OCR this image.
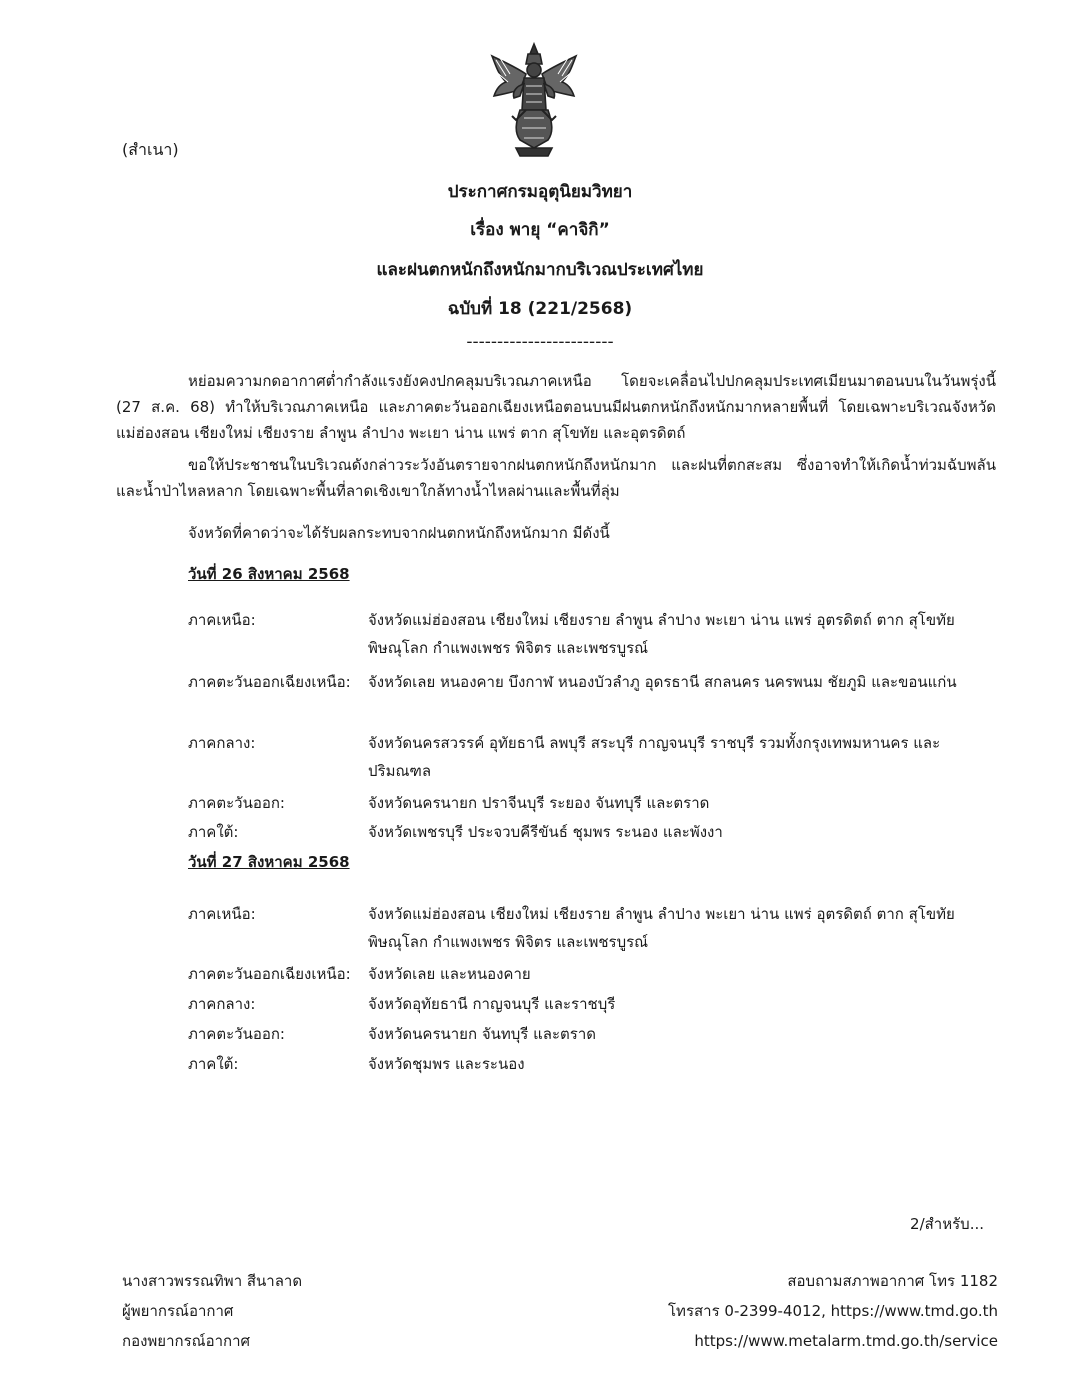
(สำเนา)
ประกาศกรมอุตุนิยมวิทยา
เรื่อง พายุ “คาจิกิ”
และฝนตกหนักถึงหนักมากบริเวณประเทศไทย
ฉบับที่ 18 (221/2568)
------------------------
หย่อมความกดอากาศต่ำกำลังแรงยังคงปกคลุมบริเวณภาคเหนือ โดยจะเคลื่อนไปปกคลุมประเทศเมียนมาตอนบนในวันพรุ่งนี้ (27 ส.ค. 68) ทำให้บริเวณภาคเหนือ และภาคตะวันออกเฉียงเหนือตอนบนมีฝนตกหนักถึงหนักมากหลายพื้นที่ โดยเฉพาะบริเวณจังหวัดแม่ฮ่องสอน เชียงใหม่ เชียงราย ลำพูน ลำปาง พะเยา น่าน แพร่ ตาก สุโขทัย และอุตรดิตถ์
ขอให้ประชาชนในบริเวณดังกล่าวระวังอันตรายจากฝนตกหนักถึงหนักมาก และฝนที่ตกสะสม ซึ่งอาจทำให้เกิดน้ำท่วมฉับพลันและน้ำป่าไหลหลาก โดยเฉพาะพื้นที่ลาดเชิงเขาใกล้ทางน้ำไหลผ่านและพื้นที่ลุ่ม
จังหวัดที่คาดว่าจะได้รับผลกระทบจากฝนตกหนักถึงหนักมาก มีดังนี้
วันที่ 26 สิงหาคม 2568
ภาคเหนือ:	จังหวัดแม่ฮ่องสอน เชียงใหม่ เชียงราย ลำพูน ลำปาง พะเยา น่าน แพร่ อุตรดิตถ์ ตาก สุโขทัย พิษณุโลก กำแพงเพชร พิจิตร และเพชรบูรณ์
ภาคตะวันออกเฉียงเหนือ:	จังหวัดเลย หนองคาย บึงกาฬ หนองบัวลำภู อุดรธานี สกลนคร นครพนม ชัยภูมิ และขอนแก่น
ภาคกลาง:	จังหวัดนครสวรรค์ อุทัยธานี ลพบุรี สระบุรี กาญจนบุรี ราชบุรี รวมทั้งกรุงเทพมหานคร และปริมณฑล
ภาคตะวันออก:	จังหวัดนครนายก ปราจีนบุรี ระยอง จันทบุรี และตราด
ภาคใต้:	จังหวัดเพชรบุรี ประจวบคีรีขันธ์ ชุมพร ระนอง และพังงา
วันที่ 27 สิงหาคม 2568
ภาคเหนือ:	จังหวัดแม่ฮ่องสอน เชียงใหม่ เชียงราย ลำพูน ลำปาง พะเยา น่าน แพร่ อุตรดิตถ์ ตาก สุโขทัย พิษณุโลก กำแพงเพชร พิจิตร และเพชรบูรณ์
ภาคตะวันออกเฉียงเหนือ:	จังหวัดเลย และหนองคาย
ภาคกลาง:	จังหวัดอุทัยธานี กาญจนบุรี และราชบุรี
ภาคตะวันออก:	จังหวัดนครนายก จันทบุรี และตราด
ภาคใต้:	จังหวัดชุมพร และระนอง
2/สำหรับ...
นางสาวพรรณทิพา สีนาลาด
ผู้พยากรณ์อากาศ
กองพยากรณ์อากาศ
สอบถามสภาพอากาศ โทร 1182
โทรสาร 0-2399-4012, https://www.tmd.go.th
https://www.metalarm.tmd.go.th/service
